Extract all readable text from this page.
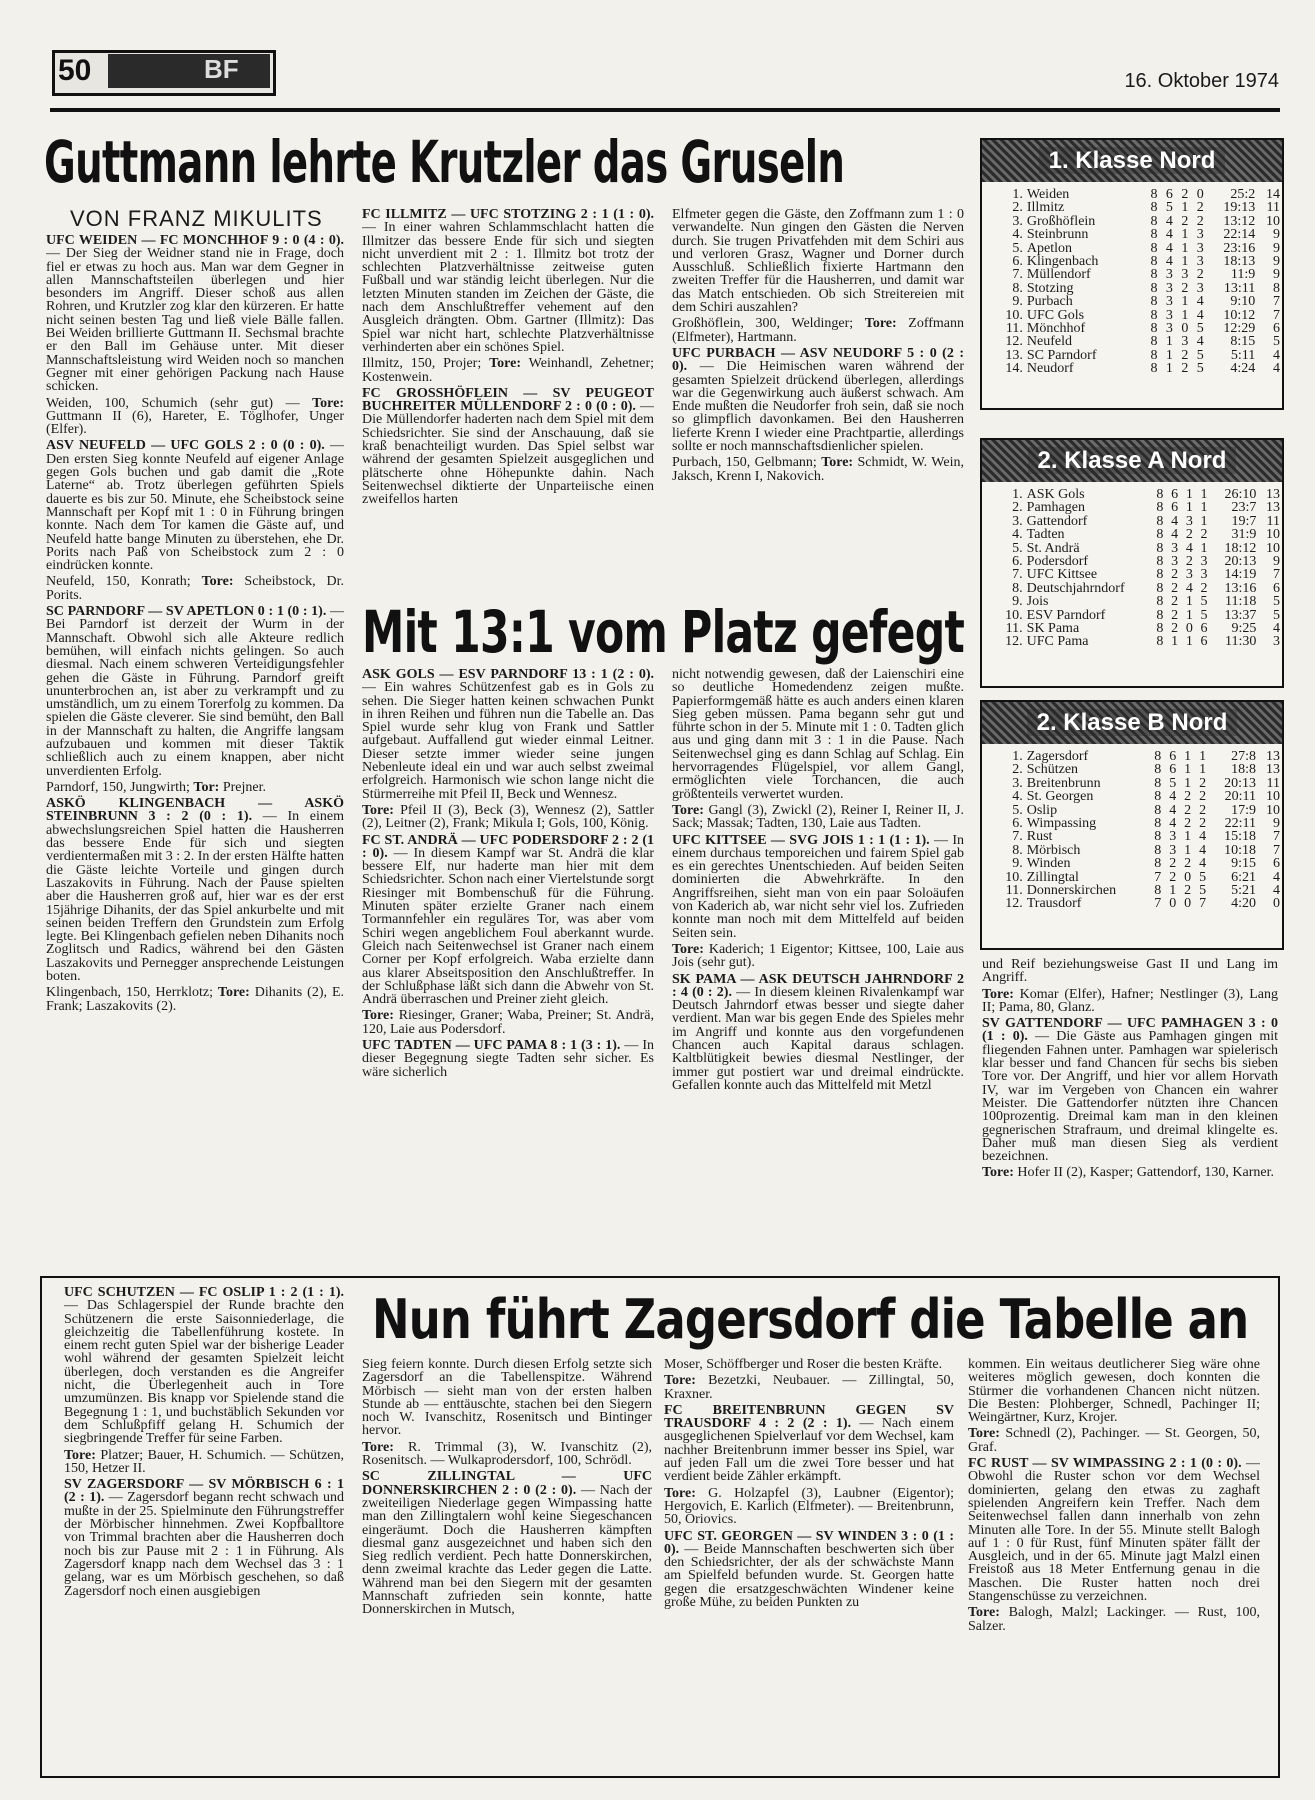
50	BF	16. Oktober 1974
Guttmann lehrte Krutzler das Gruseln
VON FRANZ MIKULITS

UFC WEIDEN — FC MÖNCHHOF 9 : 0 (4 : 0). — Der Sieg der Weidner stand nie in Frage, doch fiel er etwas zu hoch aus. Man war dem Gegner in allen Mannschaftsteilen überlegen und hier besonders im Angriff. Dieser schoß aus allen Rohren, und Krutzler zog klar den kürzeren. Er hatte nicht seinen besten Tag und ließ viele Bälle fallen. Bei Weiden brillierte Guttmann II. Sechsmal brachte er den Ball im Gehäuse unter. Mit dieser Mannschaftsleistung wird Weiden noch so manchen Gegner mit einer gehörigen Packung nach Hause schicken.

Weiden, 100, Schumich (sehr gut) — Tore: Guttmann II (6), Hareter, E. Töglhofer, Unger (Elfer).

ASV NEUFELD — UFC GOLS 2 : 0 (0 : 0). — Den ersten Sieg konnte Neufeld auf eigener Anlage gegen Gols buchen und gab damit die „Rote Laterne“ ab. Trotz überlegen geführten Spiels dauerte es bis zur 50. Minute, ehe Scheibstock seine Mannschaft per Kopf mit 1 : 0 in Führung bringen konnte. Nach dem Tor kamen die Gäste auf, und Neufeld hatte bange Minuten zu überstehen, ehe Dr. Porits nach Paß von Scheibstock zum 2 : 0 eindrücken konnte.

Neufeld, 150, Konrath; Tore: Scheibstock, Dr. Porits.

SC PARNDORF — SV APETLON 0 : 1 (0 : 1). — Bei Parndorf ist derzeit der Wurm in der Mannschaft. Obwohl sich alle Akteure redlich bemühen, will einfach nichts gelingen. So auch diesmal. Nach einem schweren Verteidigungsfehler gehen die Gäste in Führung. Parndorf greift ununterbrochen an, ist aber zu verkrampft und zu umständlich, um zu einem Torerfolg zu kommen. Da spielen die Gäste cleverer. Sie sind bemüht, den Ball in der Mannschaft zu halten, die Angriffe langsam aufzubauen und kommen mit dieser Taktik schließlich auch zu einem knappen, aber nicht unverdienten Erfolg.

Parndorf, 150, Jungwirth; Tor: Prejner.

ASKÖ KLINGENBACH — ASKÖ STEINBRUNN 3 : 2 (0 : 1). — In einem abwechslungsreichen Spiel hatten die Hausherren das bessere Ende für sich und siegten verdientermaßen mit 3 : 2. In der ersten Hälfte hatten die Gäste leichte Vorteile und gingen durch Laszakovits in Führung. Nach der Pause spielten aber die Hausherren groß auf, hier war es der erst 15jährige Dihanits, der das Spiel ankurbelte und mit seinen beiden Treffern den Grundstein zum Erfolg legte. Bei Klingenbach gefielen neben Dihanits noch Zoglitsch und Radics, während bei den Gästen Laszakovits und Pernegger ansprechende Leistungen boten.

Klingenbach, 150, Herrklotz; Tore: Dihanits (2), E. Frank; Laszakovits (2).

FC ILLMITZ — UFC STOTZING 2 : 1 (1 : 0). — In einer wahren Schlammschlacht hatten die Illmitzer das bessere Ende für sich und siegten nicht unverdient mit 2 : 1. Illmitz bot trotz der schlechten Platzverhältnisse zeitweise guten Fußball und war ständig leicht überlegen. Nur die letzten Minuten standen im Zeichen der Gäste, die nach dem Anschlußtreffer vehement auf den Ausgleich drängten. Obm. Gartner (Illmitz): Das Spiel war nicht hart, schlechte Platzverhältnisse verhinderten aber ein schönes Spiel.

Illmitz, 150, Projer; Tore: Weinhandl, Zehetner; Kostenwein.

FC GROSSHÖFLEIN — SV PEUGEOT BUCHREITER MÜLLENDORF 2 : 0 (0 : 0). — Die Müllendorfer haderten nach dem Spiel mit dem Schiedsrichter. Sie sind der Anschauung, daß sie kraß benachteiligt wurden. Das Spiel selbst war während der gesamten Spielzeit ausgeglichen und plätscherte ohne Höhepunkte dahin. Nach Seitenwechsel diktierte der Unparteiische einen zweifellos harten

Elfmeter gegen die Gäste, den Zoffmann zum 1 : 0 verwandelte. Nun gingen den Gästen die Nerven durch. Sie trugen Privatfehden mit dem Schiri aus und verloren Grasz, Wagner und Dorner durch Ausschluß. Schließlich fixierte Hartmann den zweiten Treffer für die Hausherren, und damit war das Match entschieden. Ob sich Streitereien mit dem Schiri auszahlen?

Großhöflein, 300, Weldinger; Tore: Zoffmann (Elfmeter), Hartmann.

UFC PURBACH — ASV NEUDORF 5 : 0 (2 : 0). — Die Heimischen waren während der gesamten Spielzeit drückend überlegen, allerdings war die Gegenwirkung auch äußerst schwach. Am Ende mußten die Neudorfer froh sein, daß sie noch so glimpflich davonkamen. Bei den Hausherren lieferte Krenn I wieder eine Prachtpartie, allerdings sollte er noch mannschaftsdienlicher spielen.

Purbach, 150, Gelbmann; Tore: Schmidt, W. Wein, Jaksch, Krenn I, Nakovich.

Mit 13:1 vom Platz gefegt

ASK GOLS — ESV PARNDORF 13 : 1 (2 : 0). — Ein wahres Schützenfest gab es in Gols zu sehen. Die Sieger hatten keinen schwachen Punkt in ihren Reihen und führen nun die Tabelle an. Das Spiel wurde sehr klug von Frank und Sattler aufgebaut. Auffallend gut wieder einmal Leitner. Dieser setzte immer wieder seine jungen Nebenleute ideal ein und war auch selbst zweimal erfolgreich. Harmonisch wie schon lange nicht die Stürmerreihe mit Pfeil II, Beck und Wennesz.

Tore: Pfeil II (3), Beck (3), Wennesz (2), Sattler (2), Leitner (2), Frank; Mikula I; Gols, 100, König.

FC ST. ANDRÄ — UFC PODERSDORF 2 : 2 (1 : 0). — In diesem Kampf war St. Andrä die klar bessere Elf, nur haderte man hier mit dem Schiedsrichter. Schon nach einer Viertelstunde sorgt Riesinger mit Bombenschuß für die Führung. Minuten später erzielte Graner nach einem Tormannfehler ein reguläres Tor, was aber vom Schiri wegen angeblichem Foul aberkannt wurde. Gleich nach Seitenwechsel ist Graner nach einem Corner per Kopf erfolgreich. Waba erzielte dann aus klarer Abseitsposition den Anschlußtreffer. In der Schlußphase läßt sich dann die Abwehr von St. Andrä überraschen und Preiner zieht gleich.

Tore: Riesinger, Graner; Waba, Preiner; St. Andrä, 120, Laie aus Podersdorf.

UFC TADTEN — UFC PAMA 8 : 1 (3 : 1). — In dieser Begegnung siegte Tadten sehr sicher. Es wäre sicherlich

nicht notwendig gewesen, daß der Laienschiri eine so deutliche Homedendenz zeigen mußte. Papierformgemäß hätte es auch anders einen klaren Sieg geben müssen. Pama begann sehr gut und führte schon in der 5. Minute mit 1 : 0. Tadten glich aus und ging dann mit 3 : 1 in die Pause. Nach Seitenwechsel ging es dann Schlag auf Schlag. Ein hervorragendes Flügelspiel, vor allem Gangl, ermöglichten viele Torchancen, die auch größtenteils verwertet wurden.

Tore: Gangl (3), Zwickl (2), Reiner I, Reiner II, J. Sack; Massak; Tadten, 130, Laie aus Tadten.

UFC KITTSEE — SVG JOIS 1 : 1 (1 : 1). — In einem durchaus temporeichen und fairem Spiel gab es ein gerechtes Unentschieden. Auf beiden Seiten dominierten die Abwehrkräfte. In den Angriffsreihen, sieht man von ein paar Soloäufen von Kaderich ab, war nicht sehr viel los. Zufrieden konnte man noch mit dem Mittelfeld auf beiden Seiten sein.

Tore: Kaderich; 1 Eigentor; Kittsee, 100, Laie aus Jois (sehr gut).

SK PAMA — ASK DEUTSCH JAHRNDORF 2 : 4 (0 : 2). — In diesem kleinen Rivalenkampf war Deutsch Jahrndorf etwas besser und siegte daher verdient. Man war bis gegen Ende des Spieles mehr im Angriff und konnte aus den vorgefundenen Chancen auch Kapital daraus schlagen. Kaltblütigkeit bewies diesmal Nestlinger, der immer gut postiert war und dreimal eindrückte. Gefallen konnte auch das Mittelfeld mit Metzl

1. Klasse Nord
1.	Weiden	8	6	2	0	25:2	14
2.	Illmitz	8	5	1	2	19:13	11
3.	Großhöflein	8	4	2	2	13:12	10
4.	Steinbrunn	8	4	1	3	22:14	9
5.	Apetlon	8	4	1	3	23:16	9
6.	Klingenbach	8	4	1	3	18:13	9
7.	Müllendorf	8	3	3	2	11:9	9
8.	Stotzing	8	3	2	3	13:11	8
9.	Purbach	8	3	1	4	9:10	7
10.	UFC Gols	8	3	1	4	10:12	7
11.	Mönchhof	8	3	0	5	12:29	6
12.	Neufeld	8	1	3	4	8:15	5
13.	SC Parndorf	8	1	2	5	5:11	4
14.	Neudorf	8	1	2	5	4:24	4
2. Klasse A Nord
1.	ASK Gols	8	6	1	1	26:10	13
2.	Pamhagen	8	6	1	1	23:7	13
3.	Gattendorf	8	4	3	1	19:7	11
4.	Tadten	8	4	2	2	31:9	10
5.	St. Andrä	8	3	4	1	18:12	10
6.	Podersdorf	8	3	2	3	20:13	9
7.	UFC Kittsee	8	2	3	3	14:19	7
8.	Deutschjahrndorf	8	2	4	2	13:16	6
9.	Jois	8	2	1	5	11:18	5
10.	ESV Parndorf	8	2	1	5	13:37	5
11.	SK Pama	8	2	0	6	9:25	4
12.	UFC Pama	8	1	1	6	11:30	3
2. Klasse B Nord
1.	Zagersdorf	8	6	1	1	27:8	13
2.	Schützen	8	6	1	1	18:8	13
3.	Breitenbrunn	8	5	1	2	20:13	11
4.	St. Georgen	8	4	2	2	20:11	10
5.	Oslip	8	4	2	2	17:9	10
6.	Wimpassing	8	4	2	2	22:11	9
7.	Rust	8	3	1	4	15:18	7
8.	Mörbisch	8	3	1	4	10:18	7
9.	Winden	8	2	2	4	9:15	6
10.	Zillingtal	7	2	0	5	6:21	4
11.	Donnerskirchen	8	1	2	5	5:21	4
12.	Trausdorf	7	0	0	7	4:20	0

und Reif beziehungsweise Gast II und Lang im Angriff.

Tore: Komar (Elfer), Hafner; Nestlinger (3), Lang II; Pama, 80, Glanz.

SV GATTENDORF — UFC PAMHAGEN 3 : 0 (1 : 0). — Die Gäste aus Pamhagen gingen mit fliegenden Fahnen unter. Pamhagen war spielerisch klar besser und fand Chancen für sechs bis sieben Tore vor. Der Angriff, und hier vor allem Horvath IV, war im Vergeben von Chancen ein wahrer Meister. Die Gattendorfer nützten ihre Chancen 100prozentig. Dreimal kam man in den kleinen gegnerischen Strafraum, und dreimal klingelte es. Daher muß man diesen Sieg als verdient bezeichnen.

Tore: Hofer II (2), Kasper; Gattendorf, 130, Karner.

UFC SCHÜTZEN — FC OSLIP 1 : 2 (1 : 1). — Das Schlagerspiel der Runde brachte den Schützenern die erste Saisonniederlage, die gleichzeitig die Tabellenführung kostete. In einem recht guten Spiel war der bisherige Leader wohl während der gesamten Spielzeit leicht überlegen, doch verstanden es die Angreifer nicht, die Überlegenheit auch in Tore umzumünzen. Bis knapp vor Spielende stand die Begegnung 1 : 1, und buchstäblich Sekunden vor dem Schlußpfiff gelang H. Schumich der siegbringende Treffer für seine Farben.

Tore: Platzer; Bauer, H. Schumich. — Schützen, 150, Hetzer II.

SV ZAGERSDORF — SV MÖRBISCH 6 : 1 (2 : 1). — Zagersdorf begann recht schwach und mußte in der 25. Spielminute den Führungstreffer der Mörbischer hinnehmen. Zwei Kopfballtore von Trimmal brachten aber die Hausherren doch noch bis zur Pause mit 2 : 1 in Führung. Als Zagersdorf knapp nach dem Wechsel das 3 : 1 gelang, war es um Mörbisch geschehen, so daß Zagersdorf noch einen ausgiebigen

Nun führt Zagersdorf die Tabelle an

Sieg feiern konnte. Durch diesen Erfolg setzte sich Zagersdorf an die Tabellenspitze. Während Mörbisch — sieht man von der ersten halben Stunde ab — enttäuschte, stachen bei den Siegern noch W. Ivanschitz, Rosenitsch und Bintinger hervor.

Tore: R. Trimmal (3), W. Ivanschitz (2), Rosenitsch. — Wulkaprodersdorf, 100, Schrödl.

SC ZILLINGTAL — UFC DONNERSKIRCHEN 2 : 0 (2 : 0). — Nach der zweiteiligen Niederlage gegen Wimpassing hatte man den Zillingtalern wohl keine Siegeschancen eingeräumt. Doch die Hausherren kämpften diesmal ganz ausgezeichnet und haben sich den Sieg redlich verdient. Pech hatte Donnerskirchen, denn zweimal krachte das Leder gegen die Latte. Während man bei den Siegern mit der gesamten Mannschaft zufrieden sein konnte, hatte Donnerskirchen in Mutsch,

Moser, Schöffberger und Roser die besten Kräfte.

Tore: Bezetzki, Neubauer. — Zillingtal, 50, Kraxner.

FC BREITENBRUNN GEGEN SV TRAUSDORF 4 : 2 (2 : 1). — Nach einem ausgeglichenen Spielverlauf vor dem Wechsel, kam nachher Breitenbrunn immer besser ins Spiel, war auf jeden Fall um die zwei Tore besser und hat verdient beide Zähler erkämpft.

Tore: G. Holzapfel (3), Laubner (Eigentor); Hergovich, E. Karlich (Elfmeter). — Breitenbrunn, 50, Oriovics.

UFC ST. GEORGEN — SV WINDEN 3 : 0 (1 : 0). — Beide Mannschaften beschwerten sich über den Schiedsrichter, der als der schwächste Mann am Spielfeld befunden wurde. St. Georgen hatte gegen die ersatzgeschwächten Windener keine große Mühe, zu beiden Punkten zu

kommen. Ein weitaus deutlicherer Sieg wäre ohne weiteres möglich gewesen, doch konnten die Stürmer die vorhandenen Chancen nicht nützen. Die Besten: Plohberger, Schnedl, Pachinger II; Weingärtner, Kurz, Krojer.

Tore: Schnedl (2), Pachinger. — St. Georgen, 50, Graf.

FC RUST — SV WIMPASSING 2 : 1 (0 : 0). — Obwohl die Ruster schon vor dem Wechsel dominierten, gelang den etwas zu zaghaft spielenden Angreifern kein Treffer. Nach dem Seitenwechsel fallen dann innerhalb von zehn Minuten alle Tore. In der 55. Minute stellt Balogh auf 1 : 0 für Rust, fünf Minuten später fällt der Ausgleich, und in der 65. Minute jagt Malzl einen Freistoß aus 18 Meter Entfernung genau in die Maschen. Die Ruster hatten noch drei Stangenschüsse zu verzeichnen.

Tore: Balogh, Malzl; Lackinger. — Rust, 100, Salzer.
